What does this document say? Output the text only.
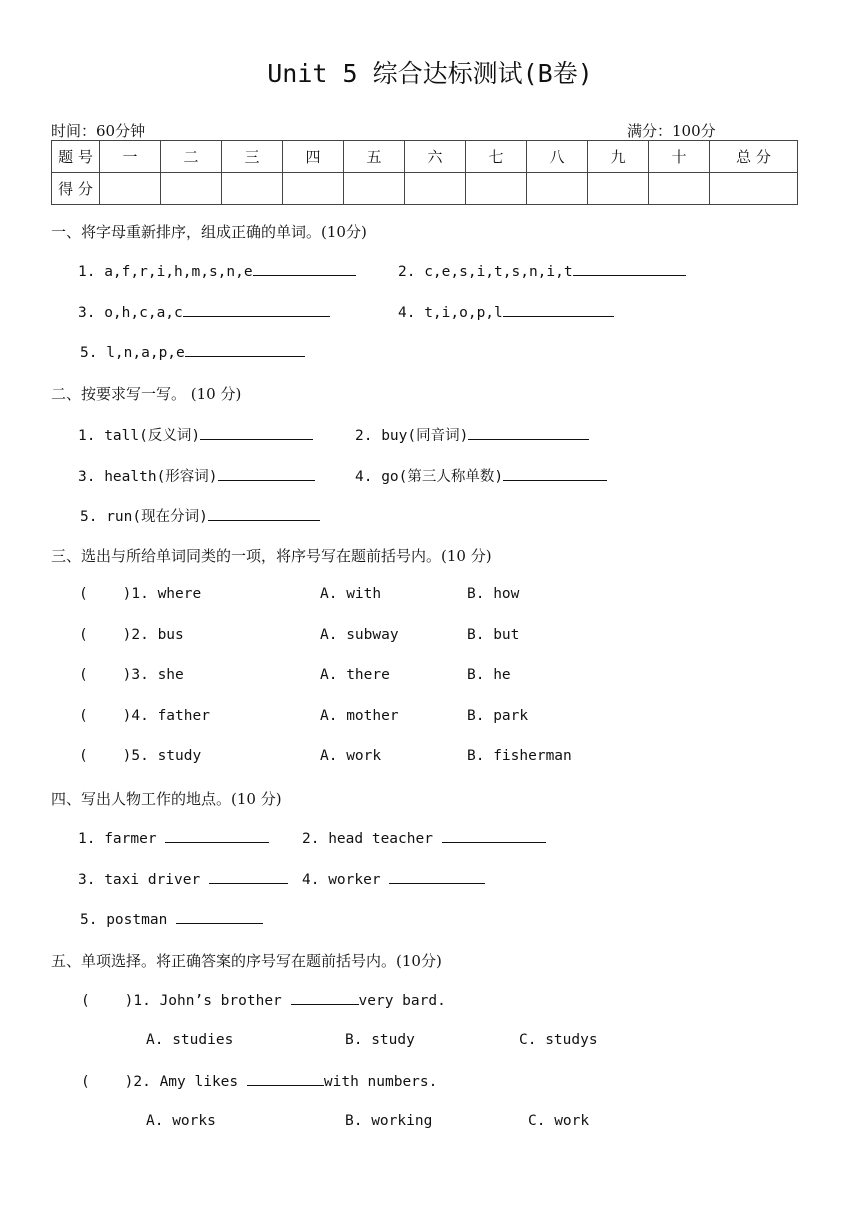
Unit 5 综合达标测试(B卷)
时间：60分钟	满分：100分
题 号	一	二	三	四	五	六	七	八	九	十	总 分
得 分											
一、将字母重新排序，组成正确的单词。(10分)
1. a,f,r,i,h,m,s,n,e	2. c,e,s,i,t,s,n,i,t
3. o,h,c,a,c	4. t,i,o,p,l
5. l,n,a,p,e
二、按要求写一写。 (10 分)
1. tall(反义词)	2. buy(同音词)
3. health(形容词)	4. go(第三人称单数)
5. run(现在分词)
三、选出与所给单词同类的一项，将序号写在题前括号内。(10 分)
(    )1. where	A. with	B. how
(    )2. bus	A. subway	B. but
(    )3. she	A. there	B. he
(    )4. father	A. mother	B. park
(    )5. study	A. work	B. fisherman
四、写出人物工作的地点。(10 分)
1. farmer	2. head teacher
3. taxi driver	4. worker
5. postman
五、单项选择。将正确答案的序号写在题前括号内。(10分)
(    )1. John’s brother	very bard.
A. studies	B. study	C. studys
(    )2. Amy likes	with numbers.
A. works	B. working	C. work
